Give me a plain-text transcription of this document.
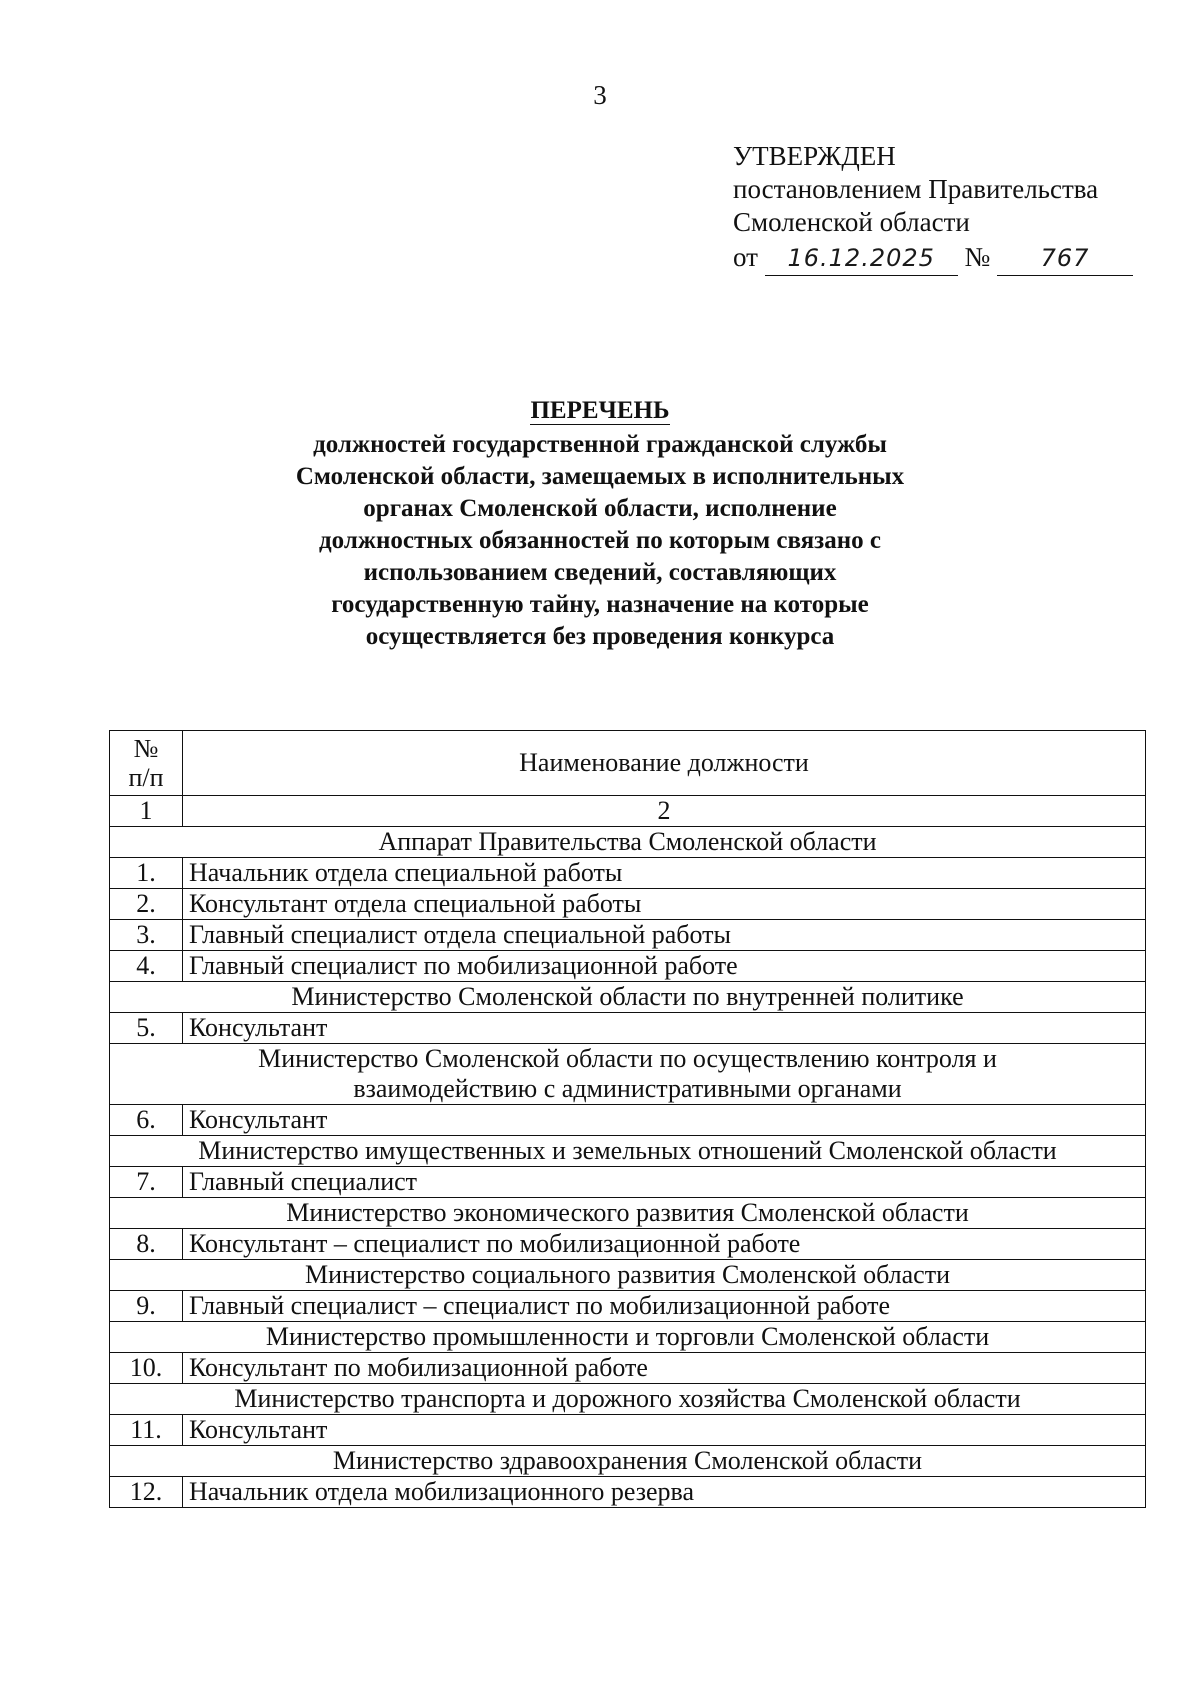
3
УТВЕРЖДЕН
постановлением Правительства
Смоленской области
от 16.12.2025 № 767
ПЕРЕЧЕНЬ
должностей государственной гражданской службы
Смоленской области, замещаемых в исполнительных
органах Смоленской области, исполнение
должностных обязанностей по которым связано с
использованием сведений, составляющих
государственную тайну, назначение на которые
осуществляется без проведения конкурса
№
п/п	Наименование должности
1	2
Аппарат Правительства Смоленской области	
1.	Начальник отдела специальной работы
2.	Консультант отдела специальной работы
3.	Главный специалист отдела специальной работы
4.	Главный специалист по мобилизационной работе
Министерство Смоленской области по внутренней политике	
5.	Консультант

Министерство Смоленской области по осуществлению контроля и
взаимодействию с административными органами	

6.	Консультант
Министерство имущественных и земельных отношений Смоленской области	
7.	Главный специалист
Министерство экономического развития Смоленской области	
8.	Консультант – специалист по мобилизационной работе
Министерство социального развития Смоленской области	
9.	Главный специалист – специалист по мобилизационной работе
Министерство промышленности и торговли Смоленской области	
10.	Консультант по мобилизационной работе
Министерство транспорта и дорожного хозяйства Смоленской области	
11.	Консультант
Министерство здравоохранения Смоленской области	
12.	Начальник отдела мобилизационного резерва
